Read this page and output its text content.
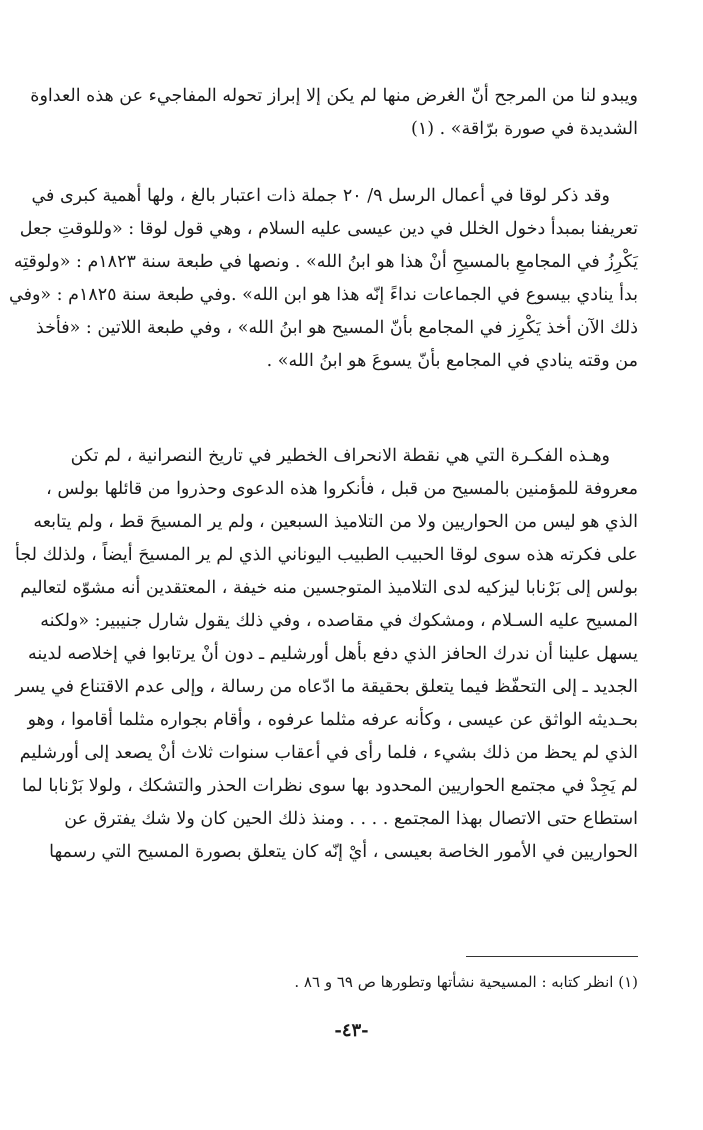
ويبدو لنا من المرجح أنّ الغرض منها لم يكن إلا إبراز تحوله المفاجيء عن هذه العداوة
الشديدة في صورة برّاقة» . (١)
وقد ذكر لوقا في أعمال الرسل ٩/ ٢٠ جملة ذات اعتبار بالغ ، ولها أهمية كبرى في
تعريفنا بمبدأ دخول الخلل في دين عيسى عليه السلام ، وهي قول لوقا : «وللوقتِ جعل
يَكْرِزُ في المجامعِ بالمسيحِ أنْ هذا هو ابنُ الله» . ونصها في طبعة سنة ١٨٢٣م : «ولوقتِه
بدأ ينادي بيسوع في الجماعات نداءً إنّه هذا هو ابن الله» .وفي طبعة سنة ١٨٢٥م : «وفي
ذلك الآن أخذ يَكْرِز في المجامع بأنّ المسيح هو ابنُ الله» ، وفي طبعة اللاتين : «فأخذ
من وقته ينادي في المجامع بأنّ يسوعَ هو ابنُ الله» .
وهـذه الفكـرة التي هي نقطة الانحراف الخطير في تاريخ النصرانية ، لم تكن
معروفة للمؤمنين بالمسيح من قبل ، فأنكروا هذه الدعوى وحذروا من قائلها بولس ،
الذي هو ليس من الحواريين ولا من التلاميذ السبعين ، ولم ير المسيحَ قط ، ولم يتابعه
على فكرته هذه سوى لوقا الحبيب الطبيب اليوناني الذي لم ير المسيحَ أيضاً ، ولذلك لجأ
بولس إلى بَرْنابا ليزكيه لدى التلاميذ المتوجسين منه خيفة ، المعتقدين أنه مشوّه لتعاليم
المسيح عليه السـلام ، ومشكوك في مقاصده ، وفي ذلك يقول شارل جنيبير: «ولكنه
يسهل علينا أن ندرك الحافز الذي دفع بأهل أورشليم ـ دون أنْ يرتابوا في إخلاصه لدينه
الجديد ـ إلى التحفّظ فيما يتعلق بحقيقة ما ادّعاه من رسالة ، وإلى عدم الاقتناع في يسر
بحـديثه الواثق عن عيسى ، وكأنه عرفه مثلما عرفوه ، وأقام بجواره مثلما أقاموا ، وهو
الذي لم يحظ من ذلك بشيء ، فلما رأى في أعقاب سنوات ثلاث أنْ يصعد إلى أورشليم
لم يَجِدْ في مجتمع الحواريين المحدود بها سوى نظرات الحذر والتشكك ، ولولا بَرْنابا لما
استطاع حتى الاتصال بهذا المجتمع . . . . ومنذ ذلك الحين كان ولا شك يفترق عن
الحواريين في الأمور الخاصة بعيسى ، أيْ إنّه كان يتعلق بصورة المسيح التي رسمها
(١) انظر كتابه : المسيحية نشأتها وتطورها ص ٦٩ و ٨٦ .
-٤٣-
